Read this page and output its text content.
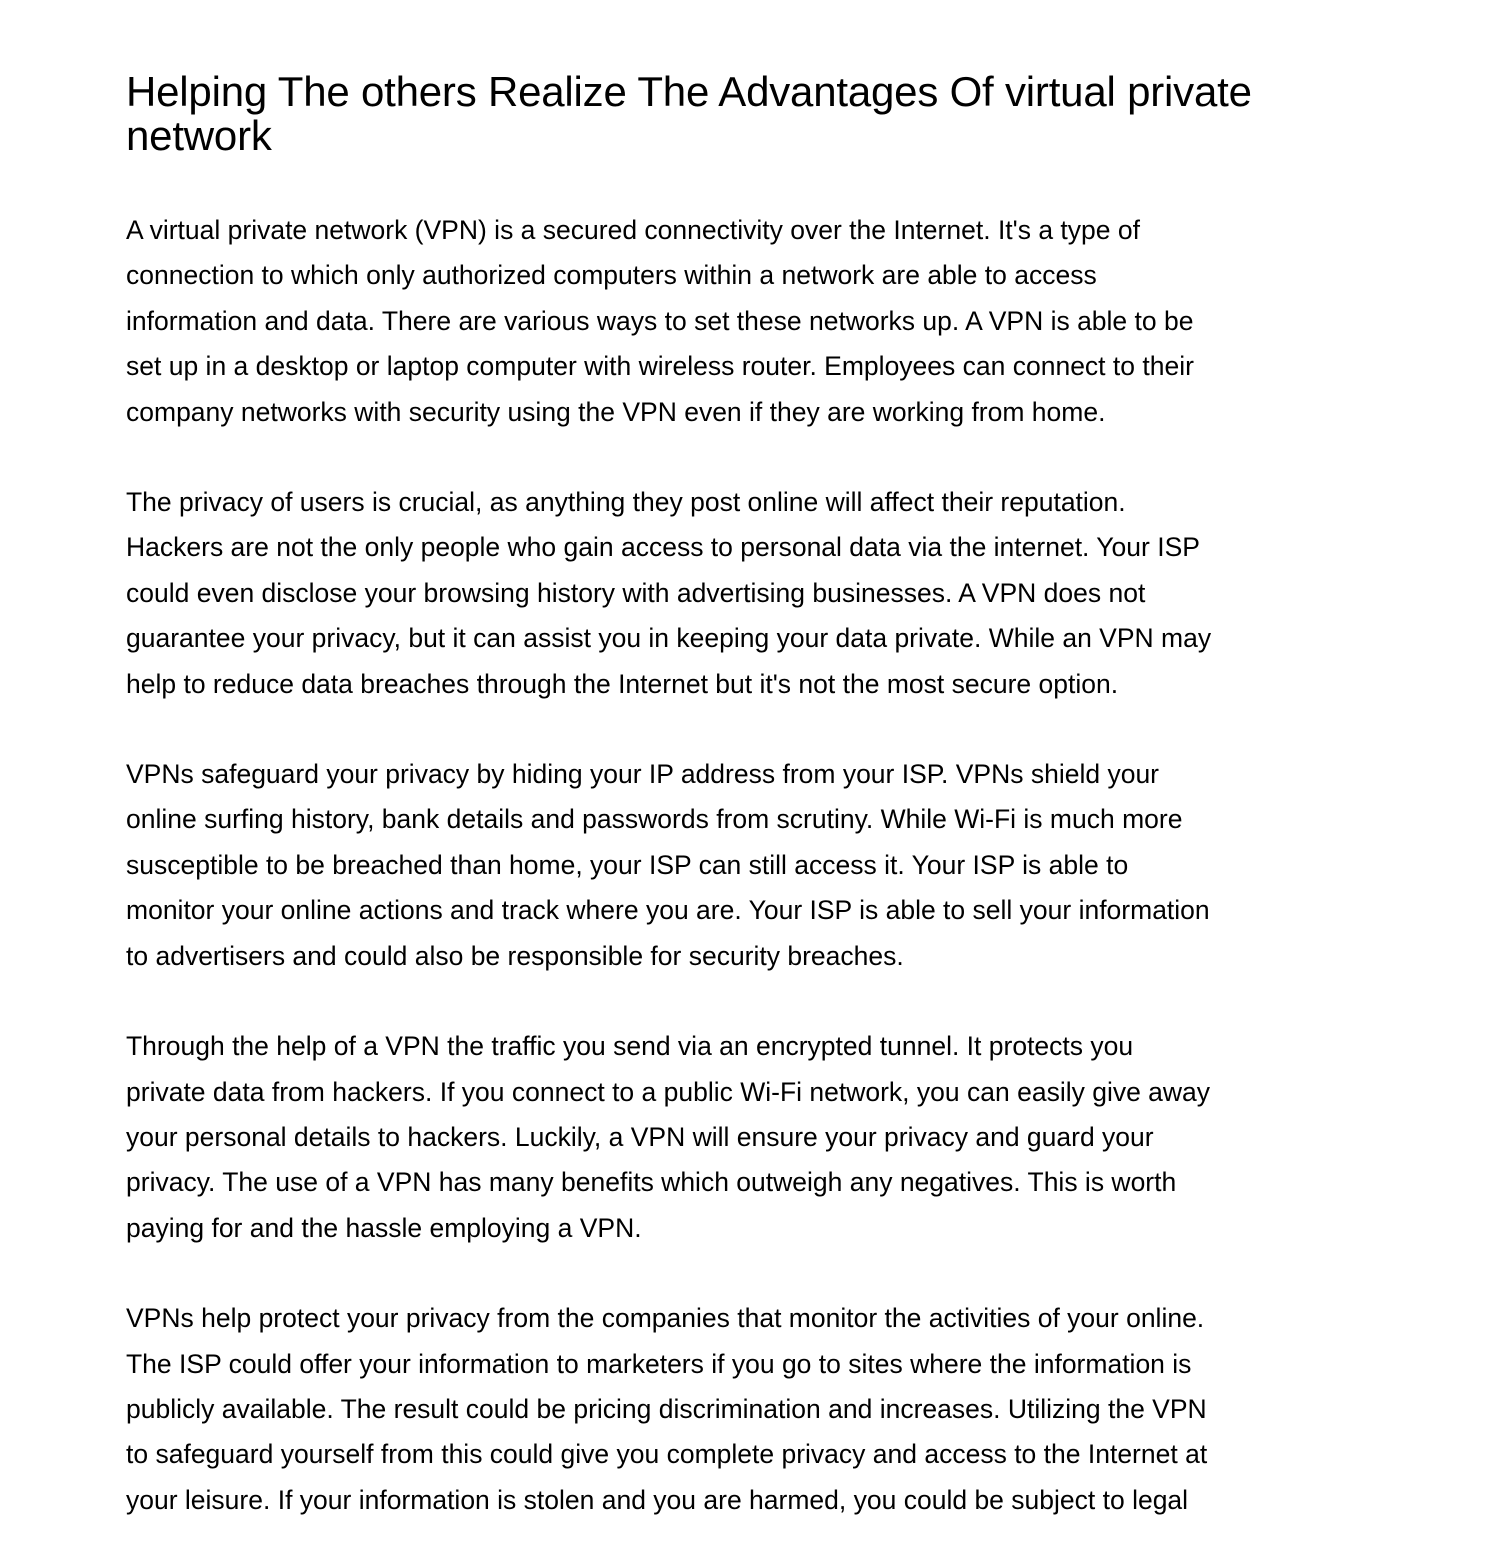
Helping The others Realize The Advantages Of virtual private
network

A virtual private network (VPN) is a secured connectivity over the Internet. It's a type of
connection to which only authorized computers within a network are able to access
information and data. There are various ways to set these networks up. A VPN is able to be
set up in a desktop or laptop computer with wireless router. Employees can connect to their
company networks with security using the VPN even if they are working from home.

The privacy of users is crucial, as anything they post online will affect their reputation.
Hackers are not the only people who gain access to personal data via the internet. Your ISP
could even disclose your browsing history with advertising businesses. A VPN does not
guarantee your privacy, but it can assist you in keeping your data private. While an VPN may
help to reduce data breaches through the Internet but it's not the most secure option.

VPNs safeguard your privacy by hiding your IP address from your ISP. VPNs shield your
online surfing history, bank details and passwords from scrutiny. While Wi-Fi is much more
susceptible to be breached than home, your ISP can still access it. Your ISP is able to
monitor your online actions and track where you are. Your ISP is able to sell your information
to advertisers and could also be responsible for security breaches.

Through the help of a VPN the traffic you send via an encrypted tunnel. It protects you
private data from hackers. If you connect to a public Wi-Fi network, you can easily give away
your personal details to hackers. Luckily, a VPN will ensure your privacy and guard your
privacy. The use of a VPN has many benefits which outweigh any negatives. This is worth
paying for and the hassle employing a VPN.

VPNs help protect your privacy from the companies that monitor the activities of your online.
The ISP could offer your information to marketers if you go to sites where the information is
publicly available. The result could be pricing discrimination and increases. Utilizing the VPN
to safeguard yourself from this could give you complete privacy and access to the Internet at
your leisure. If your information is stolen and you are harmed, you could be subject to legal
